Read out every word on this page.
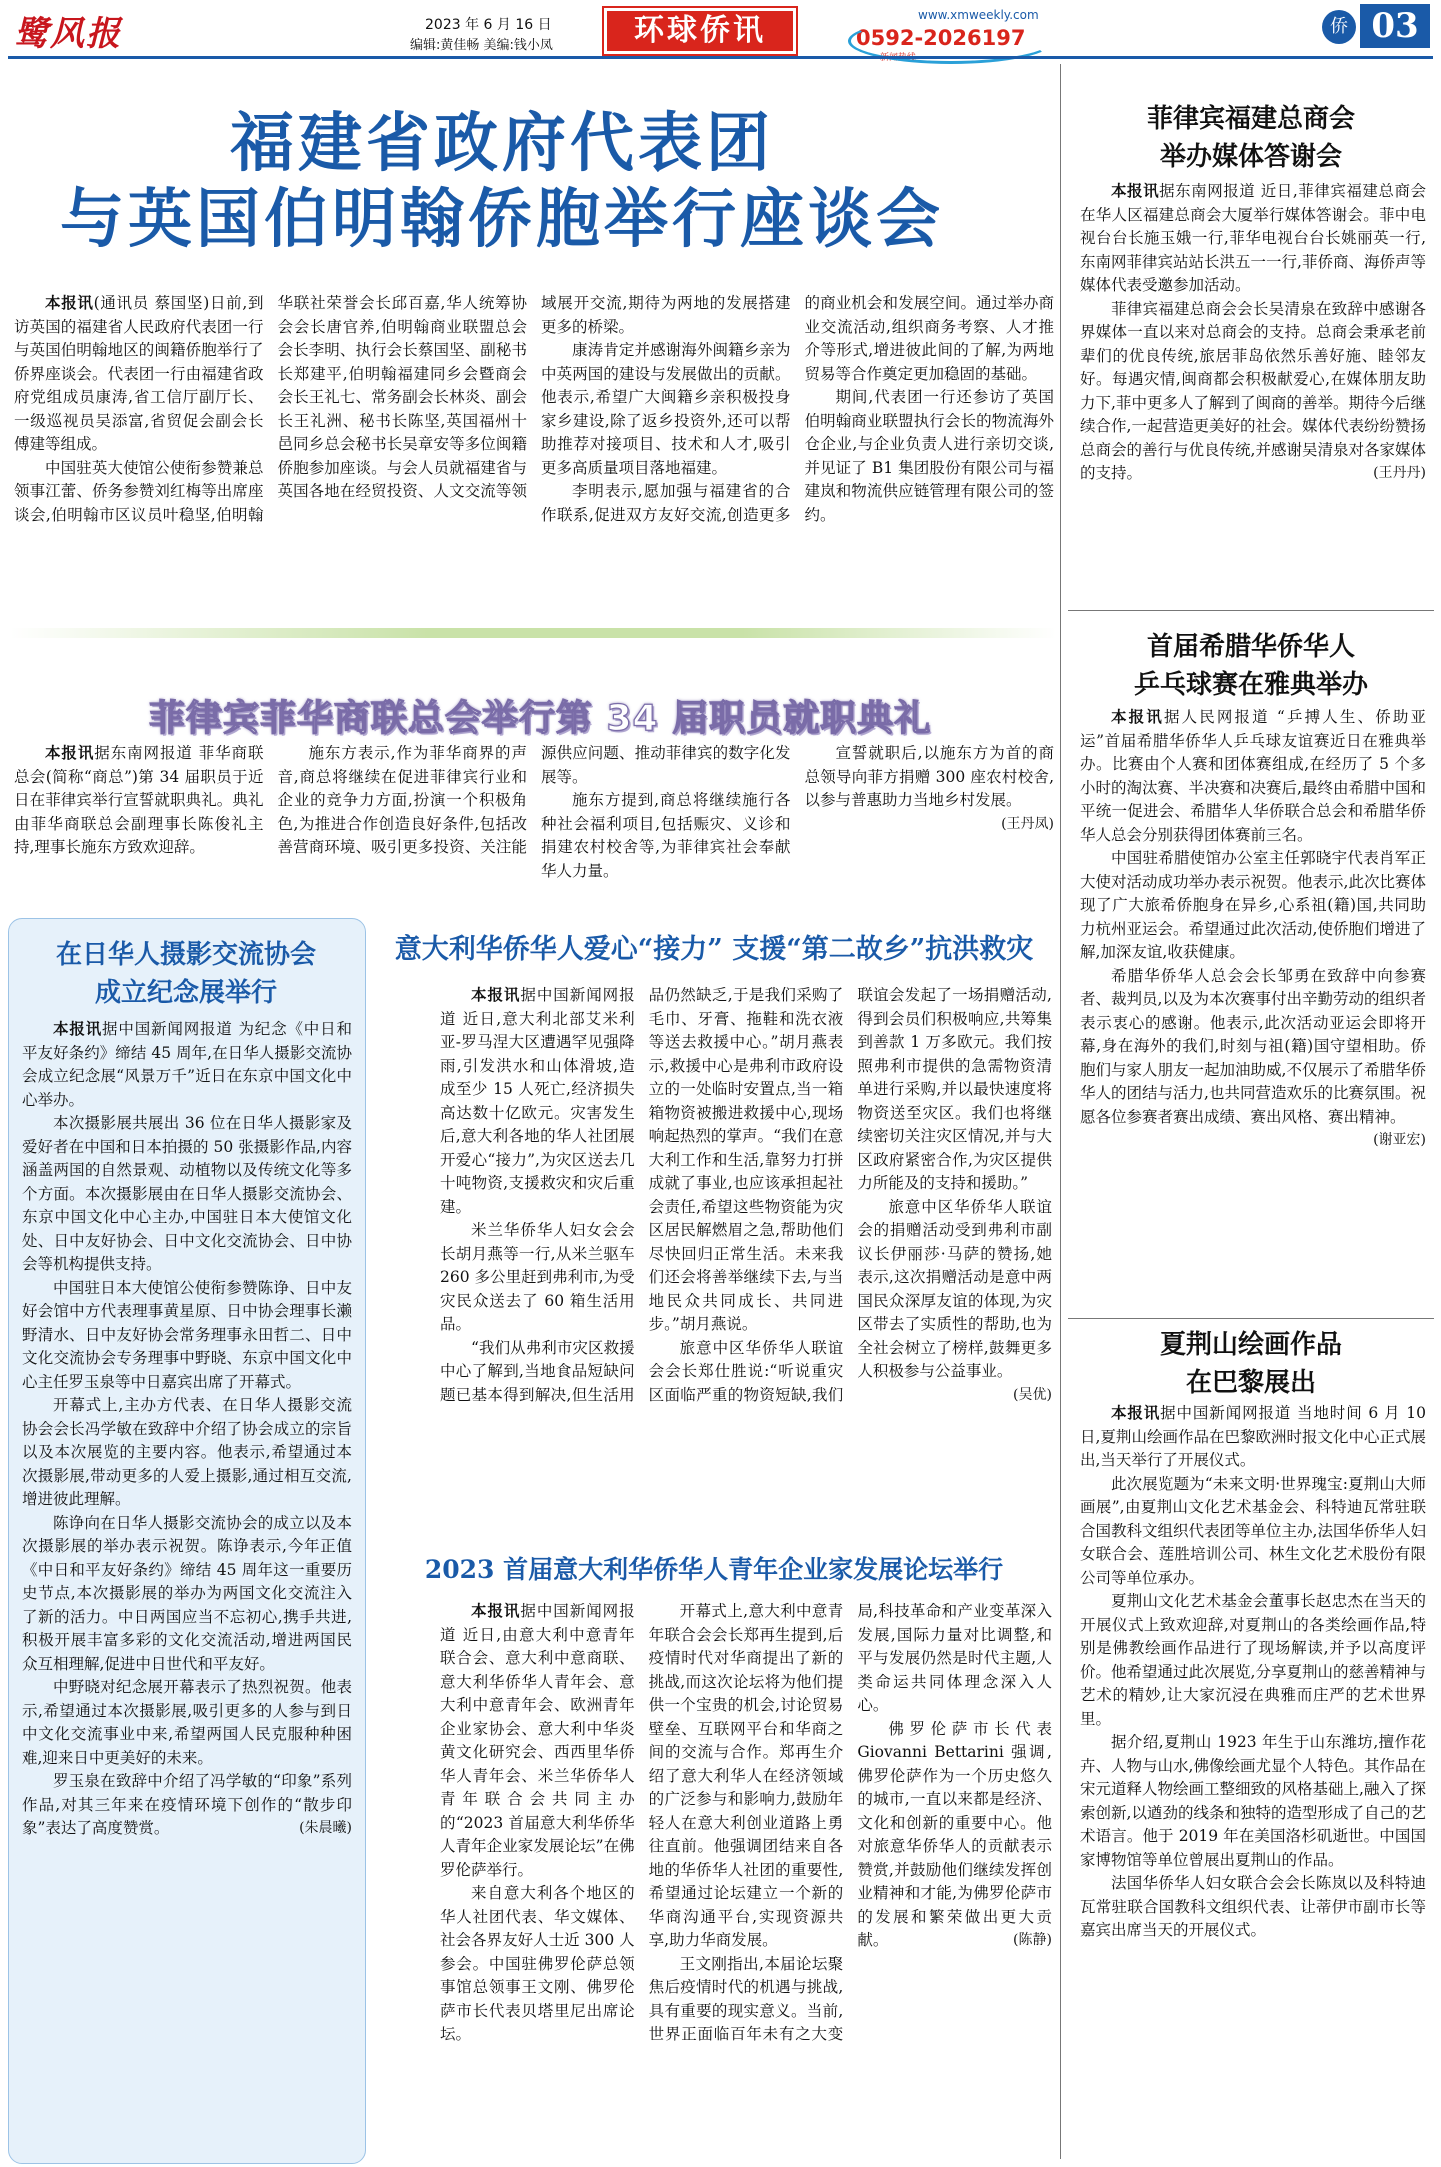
鹭风报	2023 年 6 月 16 日
编辑:黄佳畅 美编:钱小凤	环球侨讯	www.xmweekly.com
0592-2026197	侨 03
福建省政府代表团
与英国伯明翰侨胞举行座谈会

本报讯(通讯员 蔡国坚)日前,到访英国的福建省人民政府代表团一行与英国伯明翰地区的闽籍侨胞举行了侨界座谈会。代表团一行由福建省政府党组成员康涛,省工信厅副厅长、一级巡视员吴添富,省贸促会副会长傅建等组成。

中国驻英大使馆公使衔参赞兼总领事江蕾、侨务参赞刘红梅等出席座谈会,伯明翰市区议员叶稳坚,伯明翰华联社荣誉会长邱百嘉,华人统筹协会会长唐官养,伯明翰商业联盟总会会长李明、执行会长蔡国坚、副秘书长郑建平,伯明翰福建同乡会暨商会会长王礼七、常务副会长林炎、副会长王礼洲、秘书长陈坚,英国福州十邑同乡总会秘书长吴章安等多位闽籍侨胞参加座谈。与会人员就福建省与英国各地在经贸投资、人文交流等领域展开交流,期待为两地的发展搭建更多的桥梁。

康涛肯定并感谢海外闽籍乡亲为中英两国的建设与发展做出的贡献。他表示,希望广大闽籍乡亲积极投身家乡建设,除了返乡投资外,还可以帮助推荐对接项目、技术和人才,吸引更多高质量项目落地福建。

李明表示,愿加强与福建省的合作联系,促进双方友好交流,创造更多的商业机会和发展空间。通过举办商业交流活动,组织商务考察、人才推介等形式,增进彼此间的了解,为两地贸易等合作奠定更加稳固的基础。

期间,代表团一行还参访了英国伯明翰商业联盟执行会长的物流海外仓企业,与企业负责人进行亲切交谈,并见证了 B1 集团股份有限公司与福建岚和物流供应链管理有限公司的签约。

菲律宾菲华商联总会举行第 34 届职员就职典礼

本报讯据东南网报道 菲华商联总会(简称“商总”)第 34 届职员于近日在菲律宾举行宣誓就职典礼。典礼由菲华商联总会副理事长陈俊礼主持,理事长施东方致欢迎辞。

施东方表示,作为菲华商界的声音,商总将继续在促进菲律宾行业和企业的竞争力方面,扮演一个积极角色,为推进合作创造良好条件,包括改善营商环境、吸引更多投资、关注能源供应问题、推动菲律宾的数字化发展等。

施东方提到,商总将继续施行各种社会福利项目,包括赈灾、义诊和捐建农村校舍等,为菲律宾社会奉献华人力量。

宣誓就职后,以施东方为首的商总领导向菲方捐赠 300 座农村校舍,以参与普惠助力当地乡村发展。
(王丹凤)

菲律宾福建总商会
举办媒体答谢会

本报讯据东南网报道 近日,菲律宾福建总商会在华人区福建总商会大厦举行媒体答谢会。菲中电视台台长施玉娥一行,菲华电视台台长姚丽英一行,东南网菲律宾站站长洪五一一行,菲侨商、海侨声等媒体代表受邀参加活动。

菲律宾福建总商会会长吴清泉在致辞中感谢各界媒体一直以来对总商会的支持。总商会秉承老前辈们的优良传统,旅居菲岛依然乐善好施、睦邻友好。每遇灾情,闽商都会积极献爱心,在媒体朋友助力下,菲中更多人了解到了闽商的善举。期待今后继续合作,一起营造更美好的社会。媒体代表纷纷赞扬总商会的善行与优良传统,并感谢吴清泉对各家媒体的支持。	(王丹丹)

首届希腊华侨华人
乒乓球赛在雅典举办

本报讯据人民网报道 “乒搏人生、侨助亚运”首届希腊华侨华人乒乓球友谊赛近日在雅典举办。比赛由个人赛和团体赛组成,在经历了 5 个多小时的淘汰赛、半决赛和决赛后,最终由希腊中国和平统一促进会、希腊华人华侨联合总会和希腊华侨华人总会分别获得团体赛前三名。

中国驻希腊使馆办公室主任郭晓宇代表肖军正大使对活动成功举办表示祝贺。他表示,此次比赛体现了广大旅希侨胞身在异乡,心系祖(籍)国,共同助力杭州亚运会。希望通过此次活动,使侨胞们增进了解,加深友谊,收获健康。

希腊华侨华人总会会长邹勇在致辞中向参赛者、裁判员,以及为本次赛事付出辛勤劳动的组织者表示衷心的感谢。他表示,此次活动亚运会即将开幕,身在海外的我们,时刻与祖(籍)国守望相助。侨胞们与家人朋友一起加油助威,不仅展示了希腊华侨华人的团结与活力,也共同营造欢乐的比赛氛围。祝愿各位参赛者赛出成绩、赛出风格、赛出精神。
(谢亚宏)

夏荆山绘画作品
在巴黎展出

本报讯据中国新闻网报道 当地时间 6 月 10 日,夏荆山绘画作品在巴黎欧洲时报文化中心正式展出,当天举行了开展仪式。

此次展览题为“未来文明·世界瑰宝:夏荆山大师画展”,由夏荆山文化艺术基金会、科特迪瓦常驻联合国教科文组织代表团等单位主办,法国华侨华人妇女联合会、莲胜培训公司、林生文化艺术股份有限公司等单位承办。

夏荆山文化艺术基金会董事长赵忠杰在当天的开展仪式上致欢迎辞,对夏荆山的各类绘画作品,特别是佛教绘画作品进行了现场解读,并予以高度评价。他希望通过此次展览,分享夏荆山的慈善精神与艺术的精妙,让大家沉浸在典雅而庄严的艺术世界里。

据介绍,夏荆山 1923 年生于山东潍坊,擅作花卉、人物与山水,佛像绘画尤显个人特色。其作品在宋元道释人物绘画工整细致的风格基础上,融入了探索创新,以遒劲的线条和独特的造型形成了自己的艺术语言。他于 2019 年在美国洛杉矶逝世。中国国家博物馆等单位曾展出夏荆山的作品。

法国华侨华人妇女联合会会长陈岚以及科特迪瓦常驻联合国教科文组织代表、让蒂伊市副市长等嘉宾出席当天的开展仪式。

在日华人摄影交流协会
成立纪念展举行

本报讯据中国新闻网报道 为纪念《中日和平友好条约》缔结 45 周年,在日华人摄影交流协会成立纪念展“风景万千”近日在东京中国文化中心举办。

本次摄影展共展出 36 位在日华人摄影家及爱好者在中国和日本拍摄的 50 张摄影作品,内容涵盖两国的自然景观、动植物以及传统文化等多个方面。本次摄影展由在日华人摄影交流协会、东京中国文化中心主办,中国驻日本大使馆文化处、日中友好协会、日中文化交流协会、日中协会等机构提供支持。

中国驻日本大使馆公使衔参赞陈诤、日中友好会馆中方代表理事黄星原、日中协会理事长濑野清水、日中友好协会常务理事永田哲二、日中文化交流协会专务理事中野晓、东京中国文化中心主任罗玉泉等中日嘉宾出席了开幕式。

开幕式上,主办方代表、在日华人摄影交流协会会长冯学敏在致辞中介绍了协会成立的宗旨以及本次展览的主要内容。他表示,希望通过本次摄影展,带动更多的人爱上摄影,通过相互交流,增进彼此理解。

陈诤向在日华人摄影交流协会的成立以及本次摄影展的举办表示祝贺。陈诤表示,今年正值《中日和平友好条约》缔结 45 周年这一重要历史节点,本次摄影展的举办为两国文化交流注入了新的活力。中日两国应当不忘初心,携手共进,积极开展丰富多彩的文化交流活动,增进两国民众互相理解,促进中日世代和平友好。

中野晓对纪念展开幕表示了热烈祝贺。他表示,希望通过本次摄影展,吸引更多的人参与到日中文化交流事业中来,希望两国人民克服种种困难,迎来日中更美好的未来。

罗玉泉在致辞中介绍了冯学敏的“印象”系列作品,对其三年来在疫情环境下创作的“散步印象”表达了高度赞赏。	(朱晨曦)

意大利华侨华人爱心“接力” 支援“第二故乡”抗洪救灾

本报讯据中国新闻网报道 近日,意大利北部艾米利亚-罗马涅大区遭遇罕见强降雨,引发洪水和山体滑坡,造成至少 15 人死亡,经济损失高达数十亿欧元。灾害发生后,意大利各地的华人社团展开爱心“接力”,为灾区送去几十吨物资,支援救灾和灾后重建。

米兰华侨华人妇女会会长胡月燕等一行,从米兰驱车 260 多公里赶到弗利市,为受灾民众送去了 60 箱生活用品。

“我们从弗利市灾区救援中心了解到,当地食品短缺问题已基本得到解决,但生活用品仍然缺乏,于是我们采购了毛巾、牙膏、拖鞋和洗衣液等送去救援中心。”胡月燕表示,救援中心是弗利市政府设立的一处临时安置点,当一箱箱物资被搬进救援中心,现场响起热烈的掌声。“我们在意大利工作和生活,靠努力打拼成就了事业,也应该承担起社会责任,希望这些物资能为灾区居民解燃眉之急,帮助他们尽快回归正常生活。未来我们还会将善举继续下去,与当地民众共同成长、共同进步。”胡月燕说。

旅意中区华侨华人联谊会会长郑仕胜说:“听说重灾区面临严重的物资短缺,我们联谊会发起了一场捐赠活动,得到会员们积极响应,共筹集到善款 1 万多欧元。我们按照弗利市提供的急需物资清单进行采购,并以最快速度将物资送至灾区。我们也将继续密切关注灾区情况,并与大区政府紧密合作,为灾区提供力所能及的支持和援助。”

旅意中区华侨华人联谊会的捐赠活动受到弗利市副议长伊丽莎·马萨的赞扬,她表示,这次捐赠活动是意中两国民众深厚友谊的体现,为灾区带去了实质性的帮助,也为全社会树立了榜样,鼓舞更多人积极参与公益事业。
(吴优)

2023 首届意大利华侨华人青年企业家发展论坛举行

本报讯据中国新闻网报道 近日,由意大利中意青年联合会、意大利中意商联、意大利华侨华人青年会、意大利中意青年会、欧洲青年企业家协会、意大利中华炎黄文化研究会、西西里华侨华人青年会、米兰华侨华人青年联合会共同主办的“2023 首届意大利华侨华人青年企业家发展论坛”在佛罗伦萨举行。

来自意大利各个地区的华人社团代表、华文媒体、社会各界友好人士近 300 人参会。中国驻佛罗伦萨总领事馆总领事王文刚、佛罗伦萨市长代表贝塔里尼出席论坛。

开幕式上,意大利中意青年联合会会长郑再生提到,后疫情时代对华商提出了新的挑战,而这次论坛将为他们提供一个宝贵的机会,讨论贸易壁垒、互联网平台和华商之间的交流与合作。郑再生介绍了意大利华人在经济领域的广泛参与和影响力,鼓励年轻人在意大利创业道路上勇往直前。他强调团结来自各地的华侨华人社团的重要性,希望通过论坛建立一个新的华商沟通平台,实现资源共享,助力华商发展。

王文刚指出,本届论坛聚焦后疫情时代的机遇与挑战,具有重要的现实意义。当前,世界正面临百年未有之大变局,科技革命和产业变革深入发展,国际力量对比调整,和平与发展仍然是时代主题,人类命运共同体理念深入人心。

佛罗伦萨市长代表 Giovanni Bettarini 强调,佛罗伦萨作为一个历史悠久的城市,一直以来都是经济、文化和创新的重要中心。他对旅意华侨华人的贡献表示赞赏,并鼓励他们继续发挥创业精神和才能,为佛罗伦萨市的发展和繁荣做出更大贡献。	(陈静)
